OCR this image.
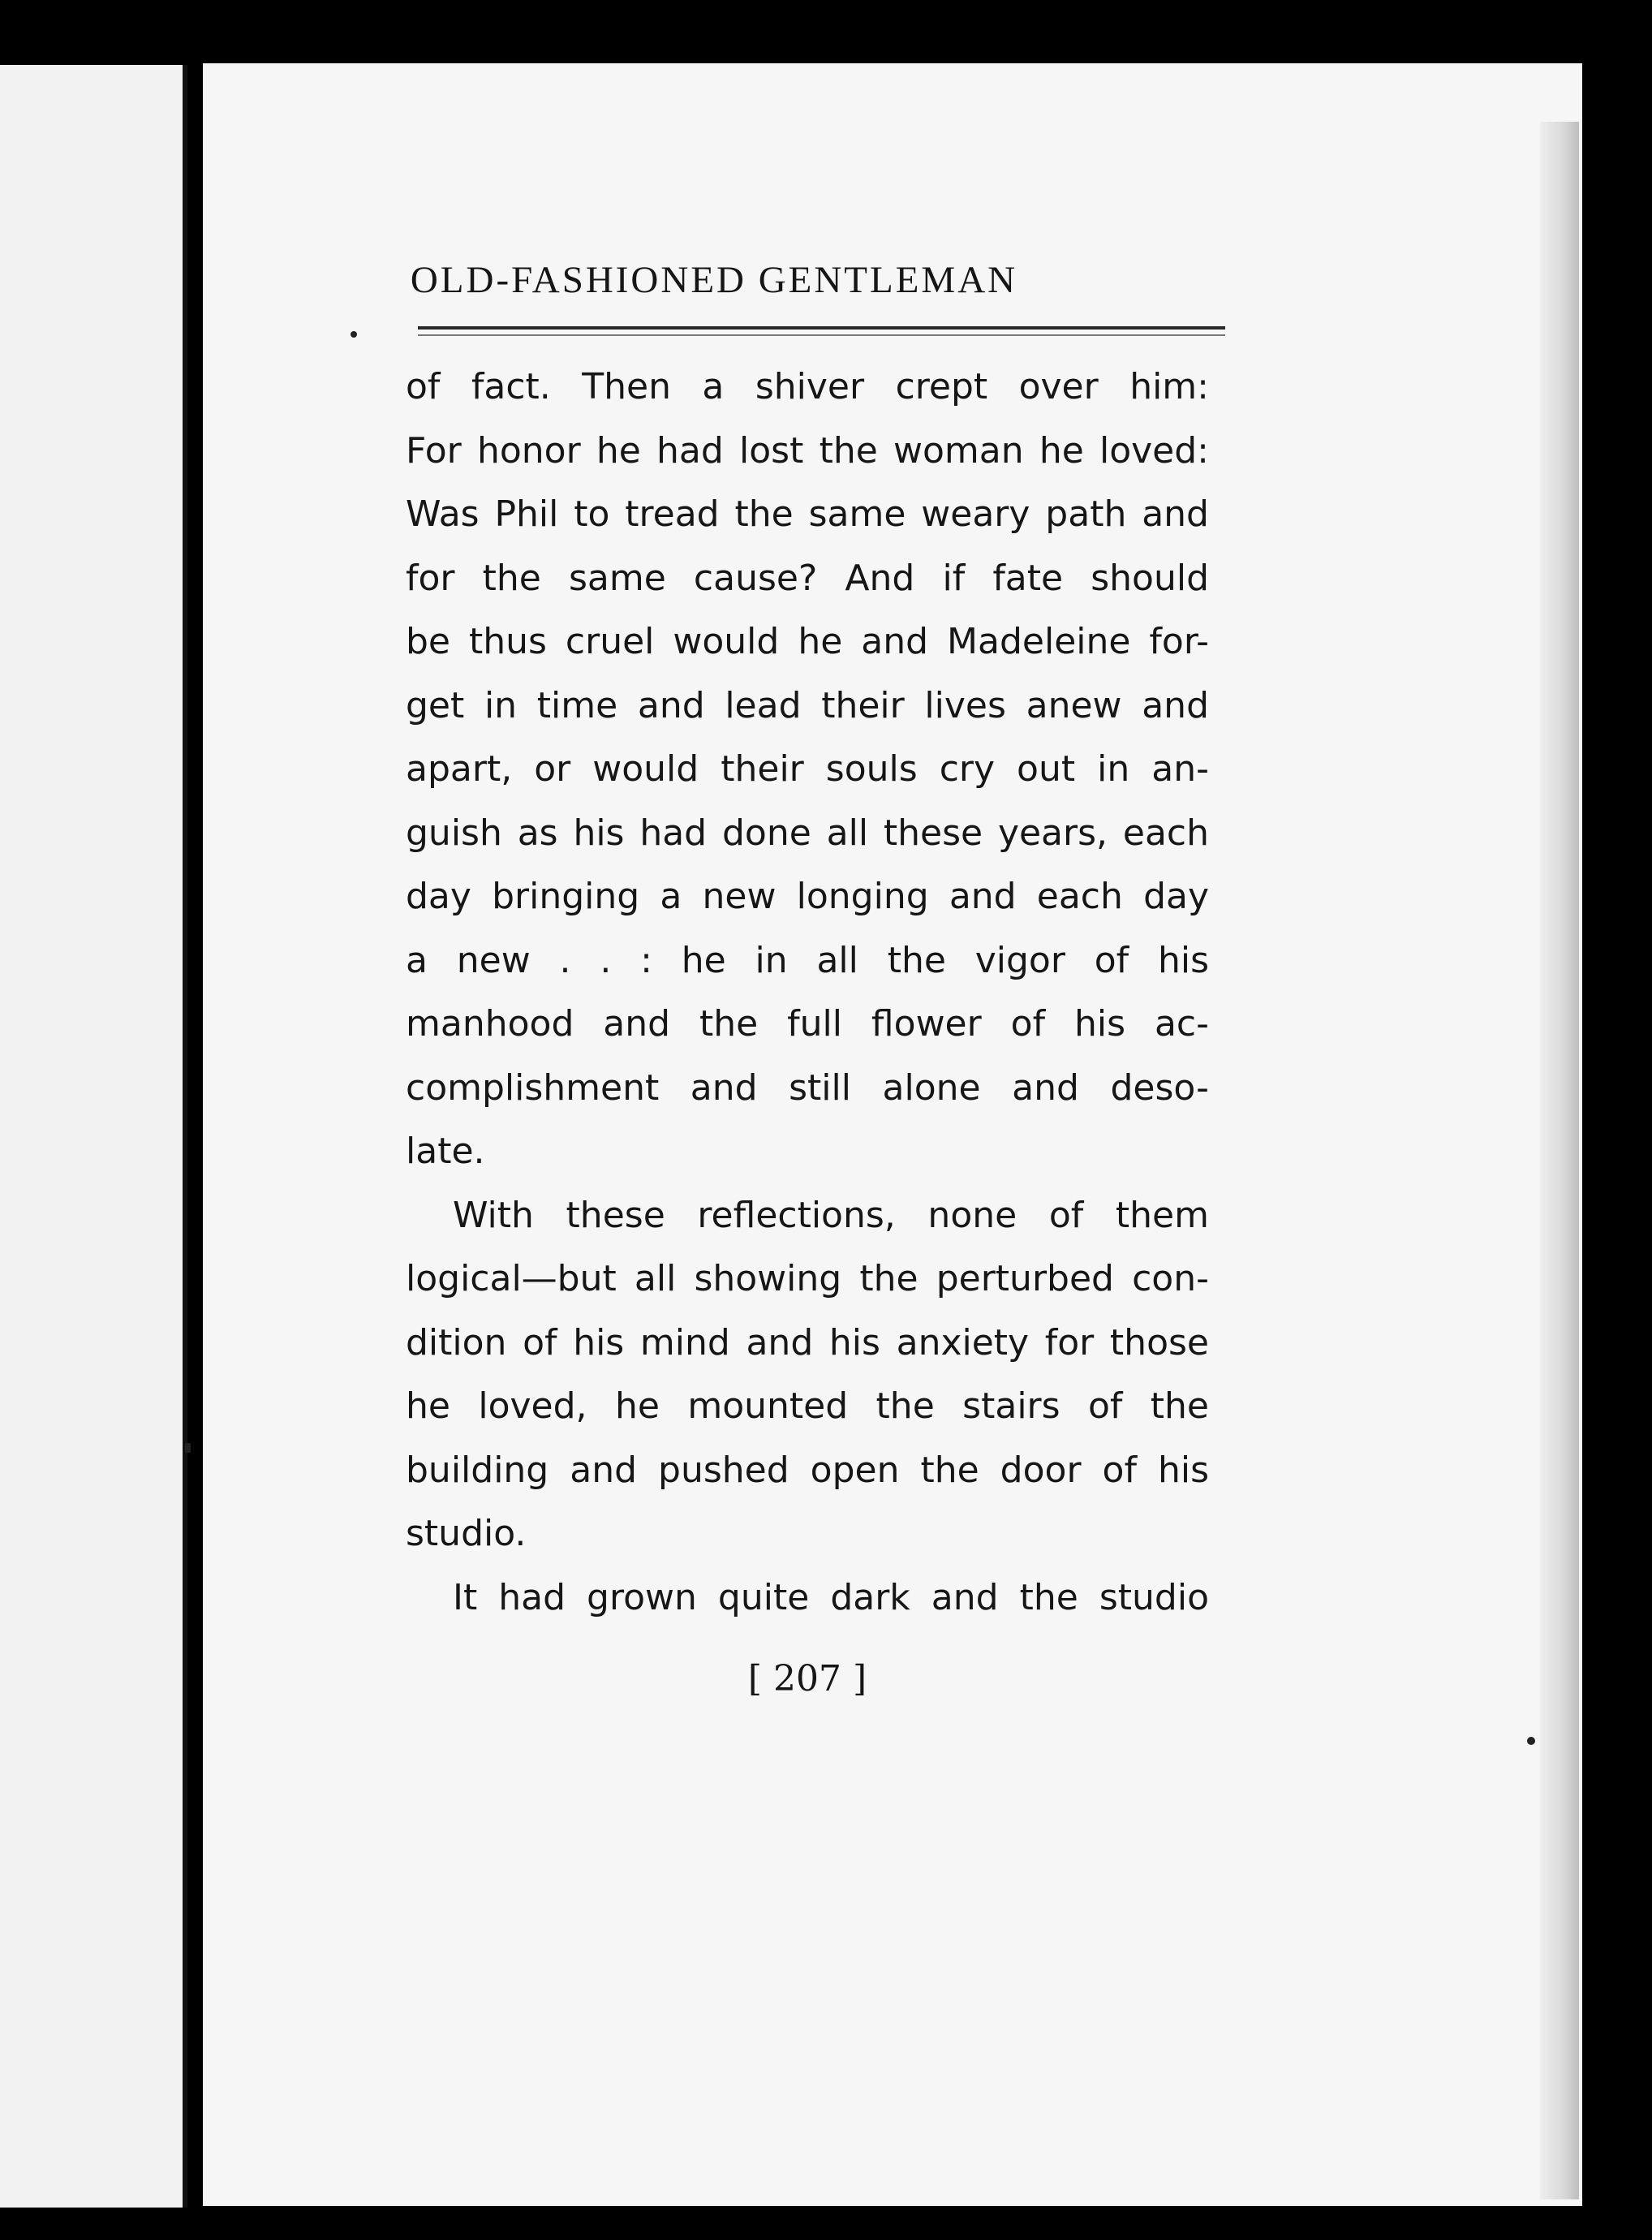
OLD-FASHIONED GENTLEMAN
of fact. Then a shiver crept over him:
For honor he had lost the woman he loved:
Was Phil to tread the same weary path and
for the same cause? And if fate should
be thus cruel would he and Madeleine for-
get in time and lead their lives anew and
apart, or would their souls cry out in an-
guish as his had done all these years, each
day bringing a new longing and each day
a new . . : he in all the vigor of his
manhood and the full flower of his ac-
complishment and still alone and deso-
late.
With these reflections, none of them
logical—but all showing the perturbed con-
dition of his mind and his anxiety for those
he loved, he mounted the stairs of the
building and pushed open the door of his
studio.
It had grown quite dark and the studio
[ 207 ]
